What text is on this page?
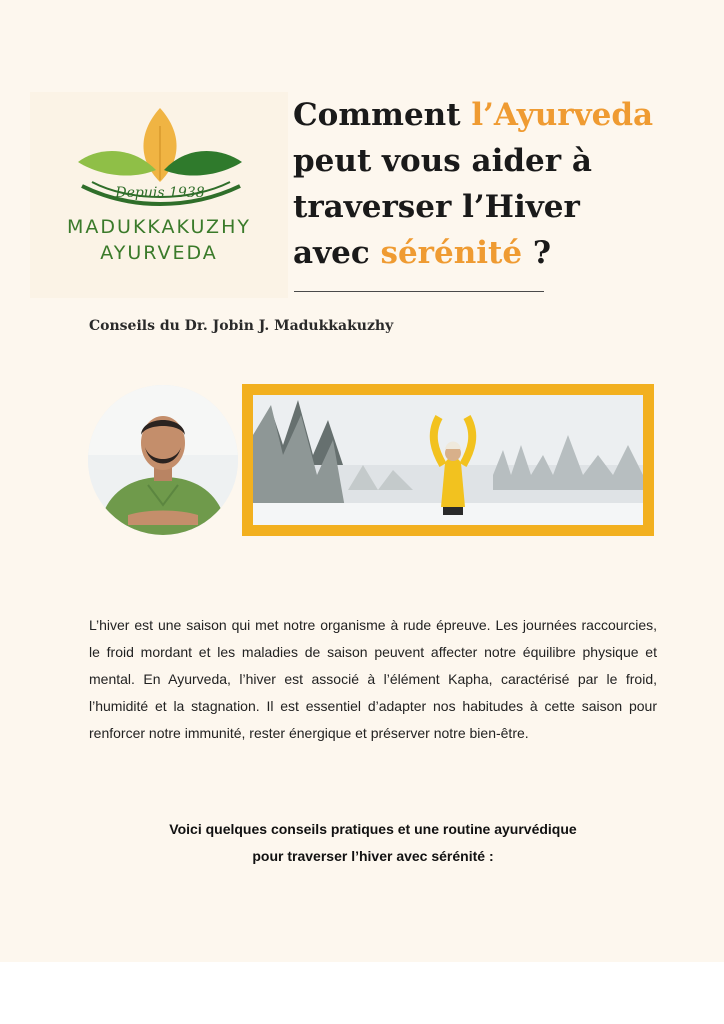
Depuis 1938
MADUKKAKUZHY
AYURVEDA
Comment l’Ayurveda
peut vous aider à
traverser l’Hiver
avec sérénité ?
Conseils du Dr. Jobin J. Madukkakuzhy

L’hiver est une saison qui met notre organisme à rude épreuve. Les journées raccourcies, le froid mordant et les maladies de saison peuvent affecter notre équilibre physique et mental. En Ayurveda, l’hiver est associé à l’élément Kapha, caractérisé par le froid, l’humidité et la stagnation. Il est essentiel d’adapter nos habitudes à cette saison pour renforcer notre immunité, rester énergique et préserver notre bien-être.

Voici quelques conseils pratiques et une routine ayurvédique
pour traverser l’hiver avec sérénité :
